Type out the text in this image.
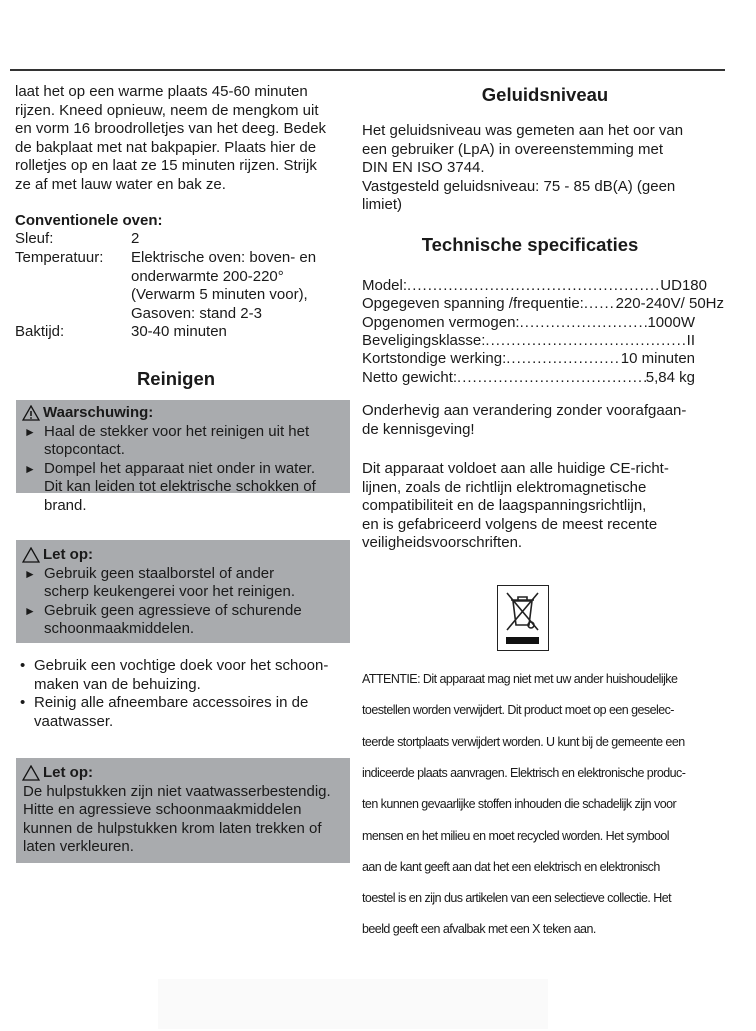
laat het op een warme plaats 45-60 minuten
rijzen. Kneed opnieuw, neem de mengkom uit
en vorm 16 broodrolletjes van het deeg. Bedek
de bakplaat met nat bakpapier. Plaats hier de
rolletjes op en laat ze 15 minuten rijzen. Strijk
ze af met lauw water en bak ze.
Conventionele oven:
Sleuf:	2
Temperatuur: Elektrische oven: boven- en
onderwarmte 200-220°
(Verwarm 5 minuten voor),
Gasoven: stand 2-3
Baktijd:	30-40 minuten
Reinigen
Waarschuwing:
► Haal de stekker voor het reinigen uit het
stopcontact.
► Dompel het apparaat niet onder in water.
Dit kan leiden tot elektrische schokken of
brand.
Let op:
► Gebruik geen staalborstel of ander
scherp keukengerei voor het reinigen.
► Gebruik geen agressieve of schurende
schoonmaakmiddelen.
Let op:
De hulpstukken zijn niet vaatwasserbestendig.
Hitte en agressieve schoonmaakmiddelen
kunnen de hulpstukken krom laten trekken of
laten verkleuren.
• Gebruik een vochtige doek voor het schoon-
maken van de behuizing.
• Reinig alle afneembare accessoires in de
vaatwasser.
Geluidsniveau
Het geluidsniveau was gemeten aan het oor van
een gebruiker (LpA) in overeenstemming met
DIN EN ISO 3744.
Vastgesteld geluidsniveau: 75 - 85 dB(A) (geen
limiet)
Technische specificaties
Model: .....	UD180
Opgegeven spanning /frequentie: ..... 220-240V/ 50Hz
Opgenomen vermogen: .....	1000W
Beveligingsklasse: .....	II
Kortstondige werking: .....	10 minuten
Netto gewicht: .....	5,84 kg
Onderhevig aan verandering zonder voorafgaan-
de kennisgeving!
Dit apparaat voldoet aan alle huidige CE-richt-
lijnen, zoals de richtlijn elektromagnetische
compatibiliteit en de laagspanningsrichtlijn,
en is gefabriceerd volgens de meest recente
veiligheidsvoorschriften.
ATTENTIE: Dit apparaat mag niet met uw ander huishoudelijke
toestellen worden verwijdert. Dit product moet op een geselec-
teerde stortplaats verwijdert worden. U kunt bij de gemeente een
indiceerde plaats aanvragen. Elektrisch en elektronische produc-
ten kunnen gevaarlijke stoffen inhouden die schadelijk zijn voor
mensen en het milieu en moet recycled worden. Het symbool
aan de kant geeft aan dat het een elektrisch en elektronisch
toestel is en zijn dus artikelen van een selectieve collectie. Het
beeld geeft een afvalbak met een X teken aan.
